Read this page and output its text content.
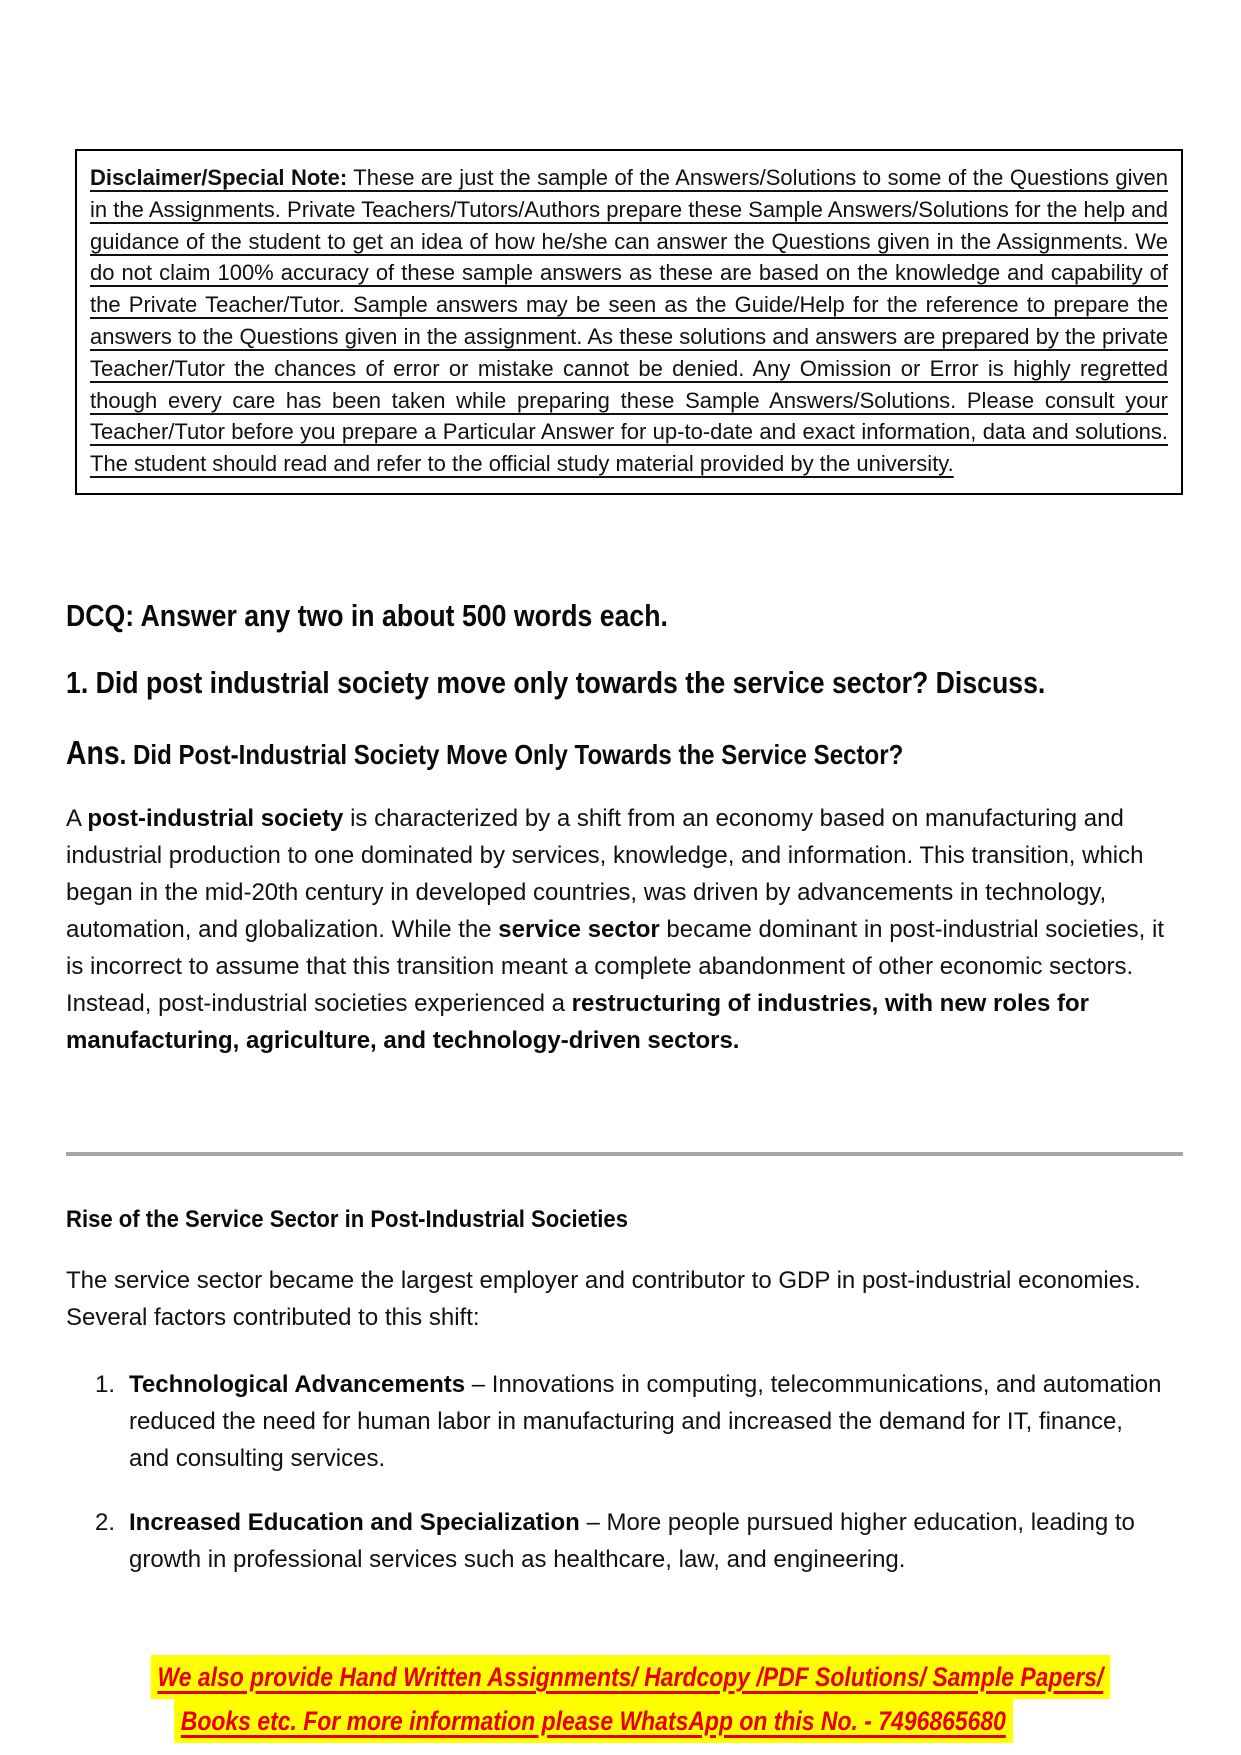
Disclaimer/Special Note: These are just the sample of the Answers/Solutions to some of the Questions given in the Assignments. Private Teachers/Tutors/Authors prepare these Sample Answers/Solutions for the help and guidance of the student to get an idea of how he/she can answer the Questions given in the Assignments. We do not claim 100% accuracy of these sample answers as these are based on the knowledge and capability of the Private Teacher/Tutor. Sample answers may be seen as the Guide/Help for the reference to prepare the answers to the Questions given in the assignment. As these solutions and answers are prepared by the private Teacher/Tutor the chances of error or mistake cannot be denied. Any Omission or Error is highly regretted though every care has been taken while preparing these Sample Answers/Solutions. Please consult your Teacher/Tutor before you prepare a Particular Answer for up-to-date and exact information, data and solutions. The student should read and refer to the official study material provided by the university.

DCQ: Answer any two in about 500 words each.
1. Did post industrial society move only towards the service sector? Discuss.
Ans. Did Post-Industrial Society Move Only Towards the Service Sector?
A post-industrial society is characterized by a shift from an economy based on manufacturing and industrial production to one dominated by services, knowledge, and information. This transition, which began in the mid-20th century in developed countries, was driven by advancements in technology, automation, and globalization. While the service sector became dominant in post-industrial societies, it is incorrect to assume that this transition meant a complete abandonment of other economic sectors. Instead, post-industrial societies experienced a restructuring of industries, with new roles for manufacturing, agriculture, and technology-driven sectors.
Rise of the Service Sector in Post-Industrial Societies
The service sector became the largest employer and contributor to GDP in post-industrial economies. Several factors contributed to this shift:
1. Technological Advancements – Innovations in computing, telecommunications, and automation reduced the need for human labor in manufacturing and increased the demand for IT, finance, and consulting services.
2. Increased Education and Specialization – More people pursued higher education, leading to growth in professional services such as healthcare, law, and engineering.
We also provide Hand Written Assignments/ Hardcopy /PDF Solutions/ Sample Papers/
Books etc. For more information please WhatsApp on this No. - 7496865680
